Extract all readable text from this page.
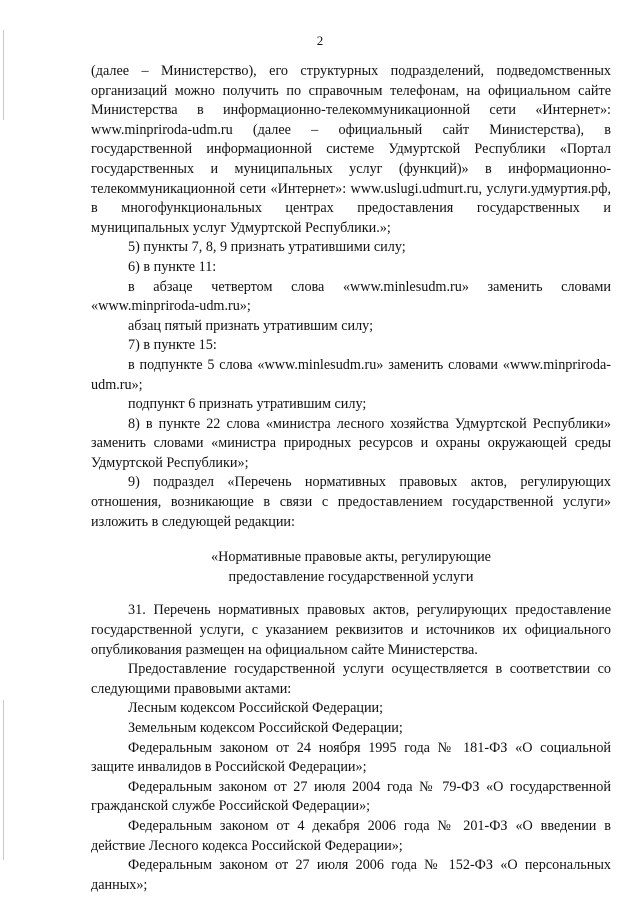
2

(далее – Министерство), его структурных подразделений, подведомственных организаций можно получить по справочным телефонам, на официальном сайте Министерства в информационно-телекоммуникационной сети «Интернет»: www.minpriroda-udm.ru (далее – официальный сайт Министерства), в государственной информационной системе Удмуртской Республики «Портал государственных и муниципальных услуг (функций)» в информационно-телекоммуникационной сети «Интернет»: www.uslugi.udmurt.ru, услуги.удмуртия.рф, в многофункциональных центрах предоставления государственных и муниципальных услуг Удмуртской Республики.»;

5) пункты 7, 8, 9 признать утратившими силу;

6) в пункте 11:

в абзаце четвертом слова «www.minlesudm.ru» заменить словами «www.minpriroda-udm.ru»;

абзац пятый признать утратившим силу;

7) в пункте 15:

в подпункте 5 слова «www.minlesudm.ru» заменить словами «www.minpriroda-udm.ru»;

подпункт 6 признать утратившим силу;

8) в пункте 22 слова «министра лесного хозяйства Удмуртской Республики» заменить словами «министра природных ресурсов и охраны окружающей среды Удмуртской Республики»;

9) подраздел «Перечень нормативных правовых актов, регулирующих отношения, возникающие в связи с предоставлением государственной услуги» изложить в следующей редакции:

«Нормативные правовые акты, регулирующие предоставление государственной услуги

31. Перечень нормативных правовых актов, регулирующих предоставление государственной услуги, с указанием реквизитов и источников их официального опубликования размещен на официальном сайте Министерства.

Предоставление государственной услуги осуществляется в соответствии со следующими правовыми актами:

Лесным кодексом Российской Федерации;

Земельным кодексом Российской Федерации;

Федеральным законом от 24 ноября 1995 года № 181-ФЗ «О социальной защите инвалидов в Российской Федерации»;

Федеральным законом от 27 июля 2004 года № 79-ФЗ «О государственной гражданской службе Российской Федерации»;

Федеральным законом от 4 декабря 2006 года № 201-ФЗ «О введении в действие Лесного кодекса Российской Федерации»;

Федеральным законом от 27 июля 2006 года № 152-ФЗ «О персональных данных»;
